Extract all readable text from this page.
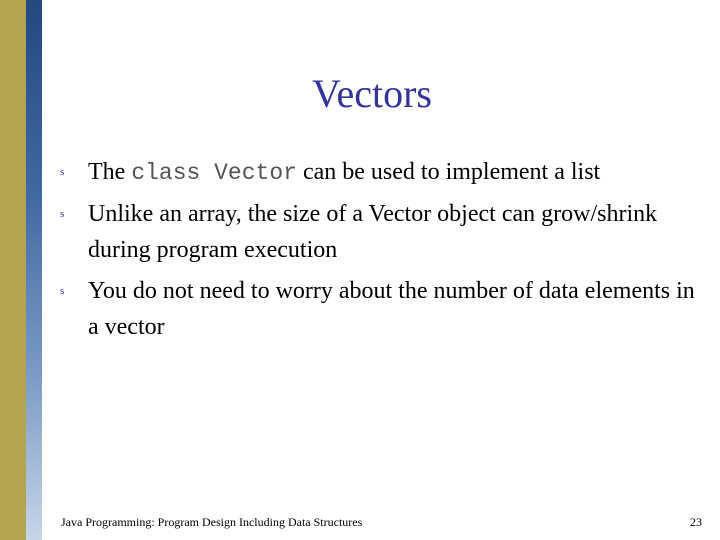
Vectors
s The class Vector can be used to implement a list
s Unlike an array, the size of a Vector object can grow/shrink during program execution
s You do not need to worry about the number of data elements in a vector
Java Programming: Program Design Including Data Structures	23
